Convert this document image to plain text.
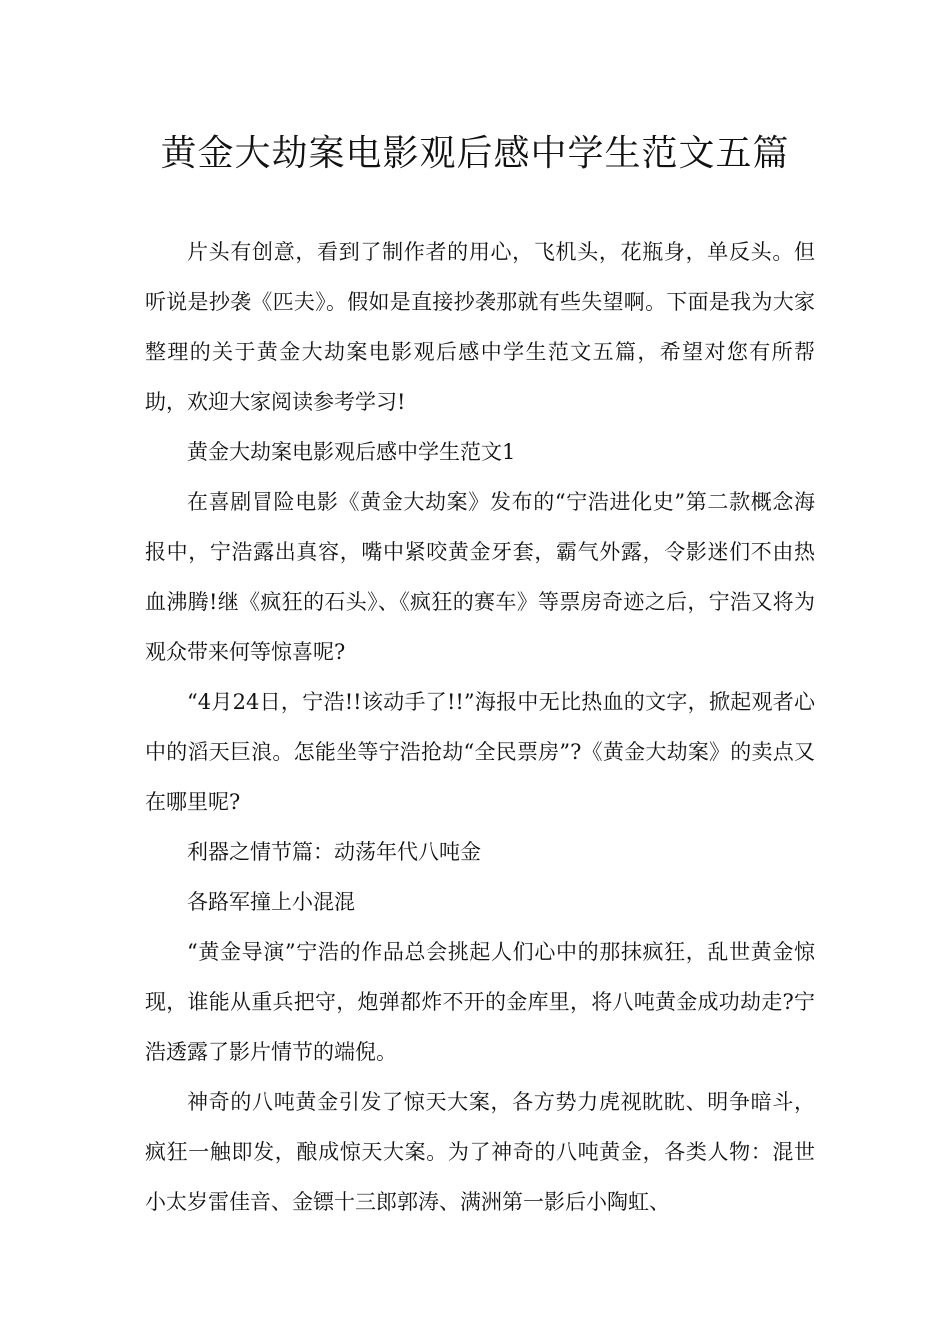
黄金大劫案电影观后感中学生范文五篇

片头有创意，看到了制作者的用心，飞机头，花瓶身，单反头。但听说是抄袭《匹夫》。假如是直接抄袭那就有些失望啊。下面是我为大家整理的关于黄金大劫案电影观后感中学生范文五篇，希望对您有所帮助，欢迎大家阅读参考学习!

黄金大劫案电影观后感中学生范文1

在喜剧冒险电影《黄金大劫案》发布的“宁浩进化史”第二款概念海报中，宁浩露出真容，嘴中紧咬黄金牙套，霸气外露，令影迷们不由热血沸腾!继《疯狂的石头》、《疯狂的赛车》等票房奇迹之后，宁浩又将为观众带来何等惊喜呢?

“4月24日，宁浩!!该动手了!!”海报中无比热血的文字，掀起观者心中的滔天巨浪。怎能坐等宁浩抢劫“全民票房”?《黄金大劫案》的卖点又在哪里呢?

利器之情节篇：动荡年代八吨金

各路军撞上小混混

“黄金导演”宁浩的作品总会挑起人们心中的那抹疯狂，乱世黄金惊现，谁能从重兵把守，炮弹都炸不开的金库里，将八吨黄金成功劫走?宁浩透露了影片情节的端倪。

神奇的八吨黄金引发了惊天大案，各方势力虎视眈眈、明争暗斗，疯狂一触即发，酿成惊天大案。为了神奇的八吨黄金，各类人物：混世小太岁雷佳音、金镖十三郎郭涛、满洲第一影后小陶虹、
